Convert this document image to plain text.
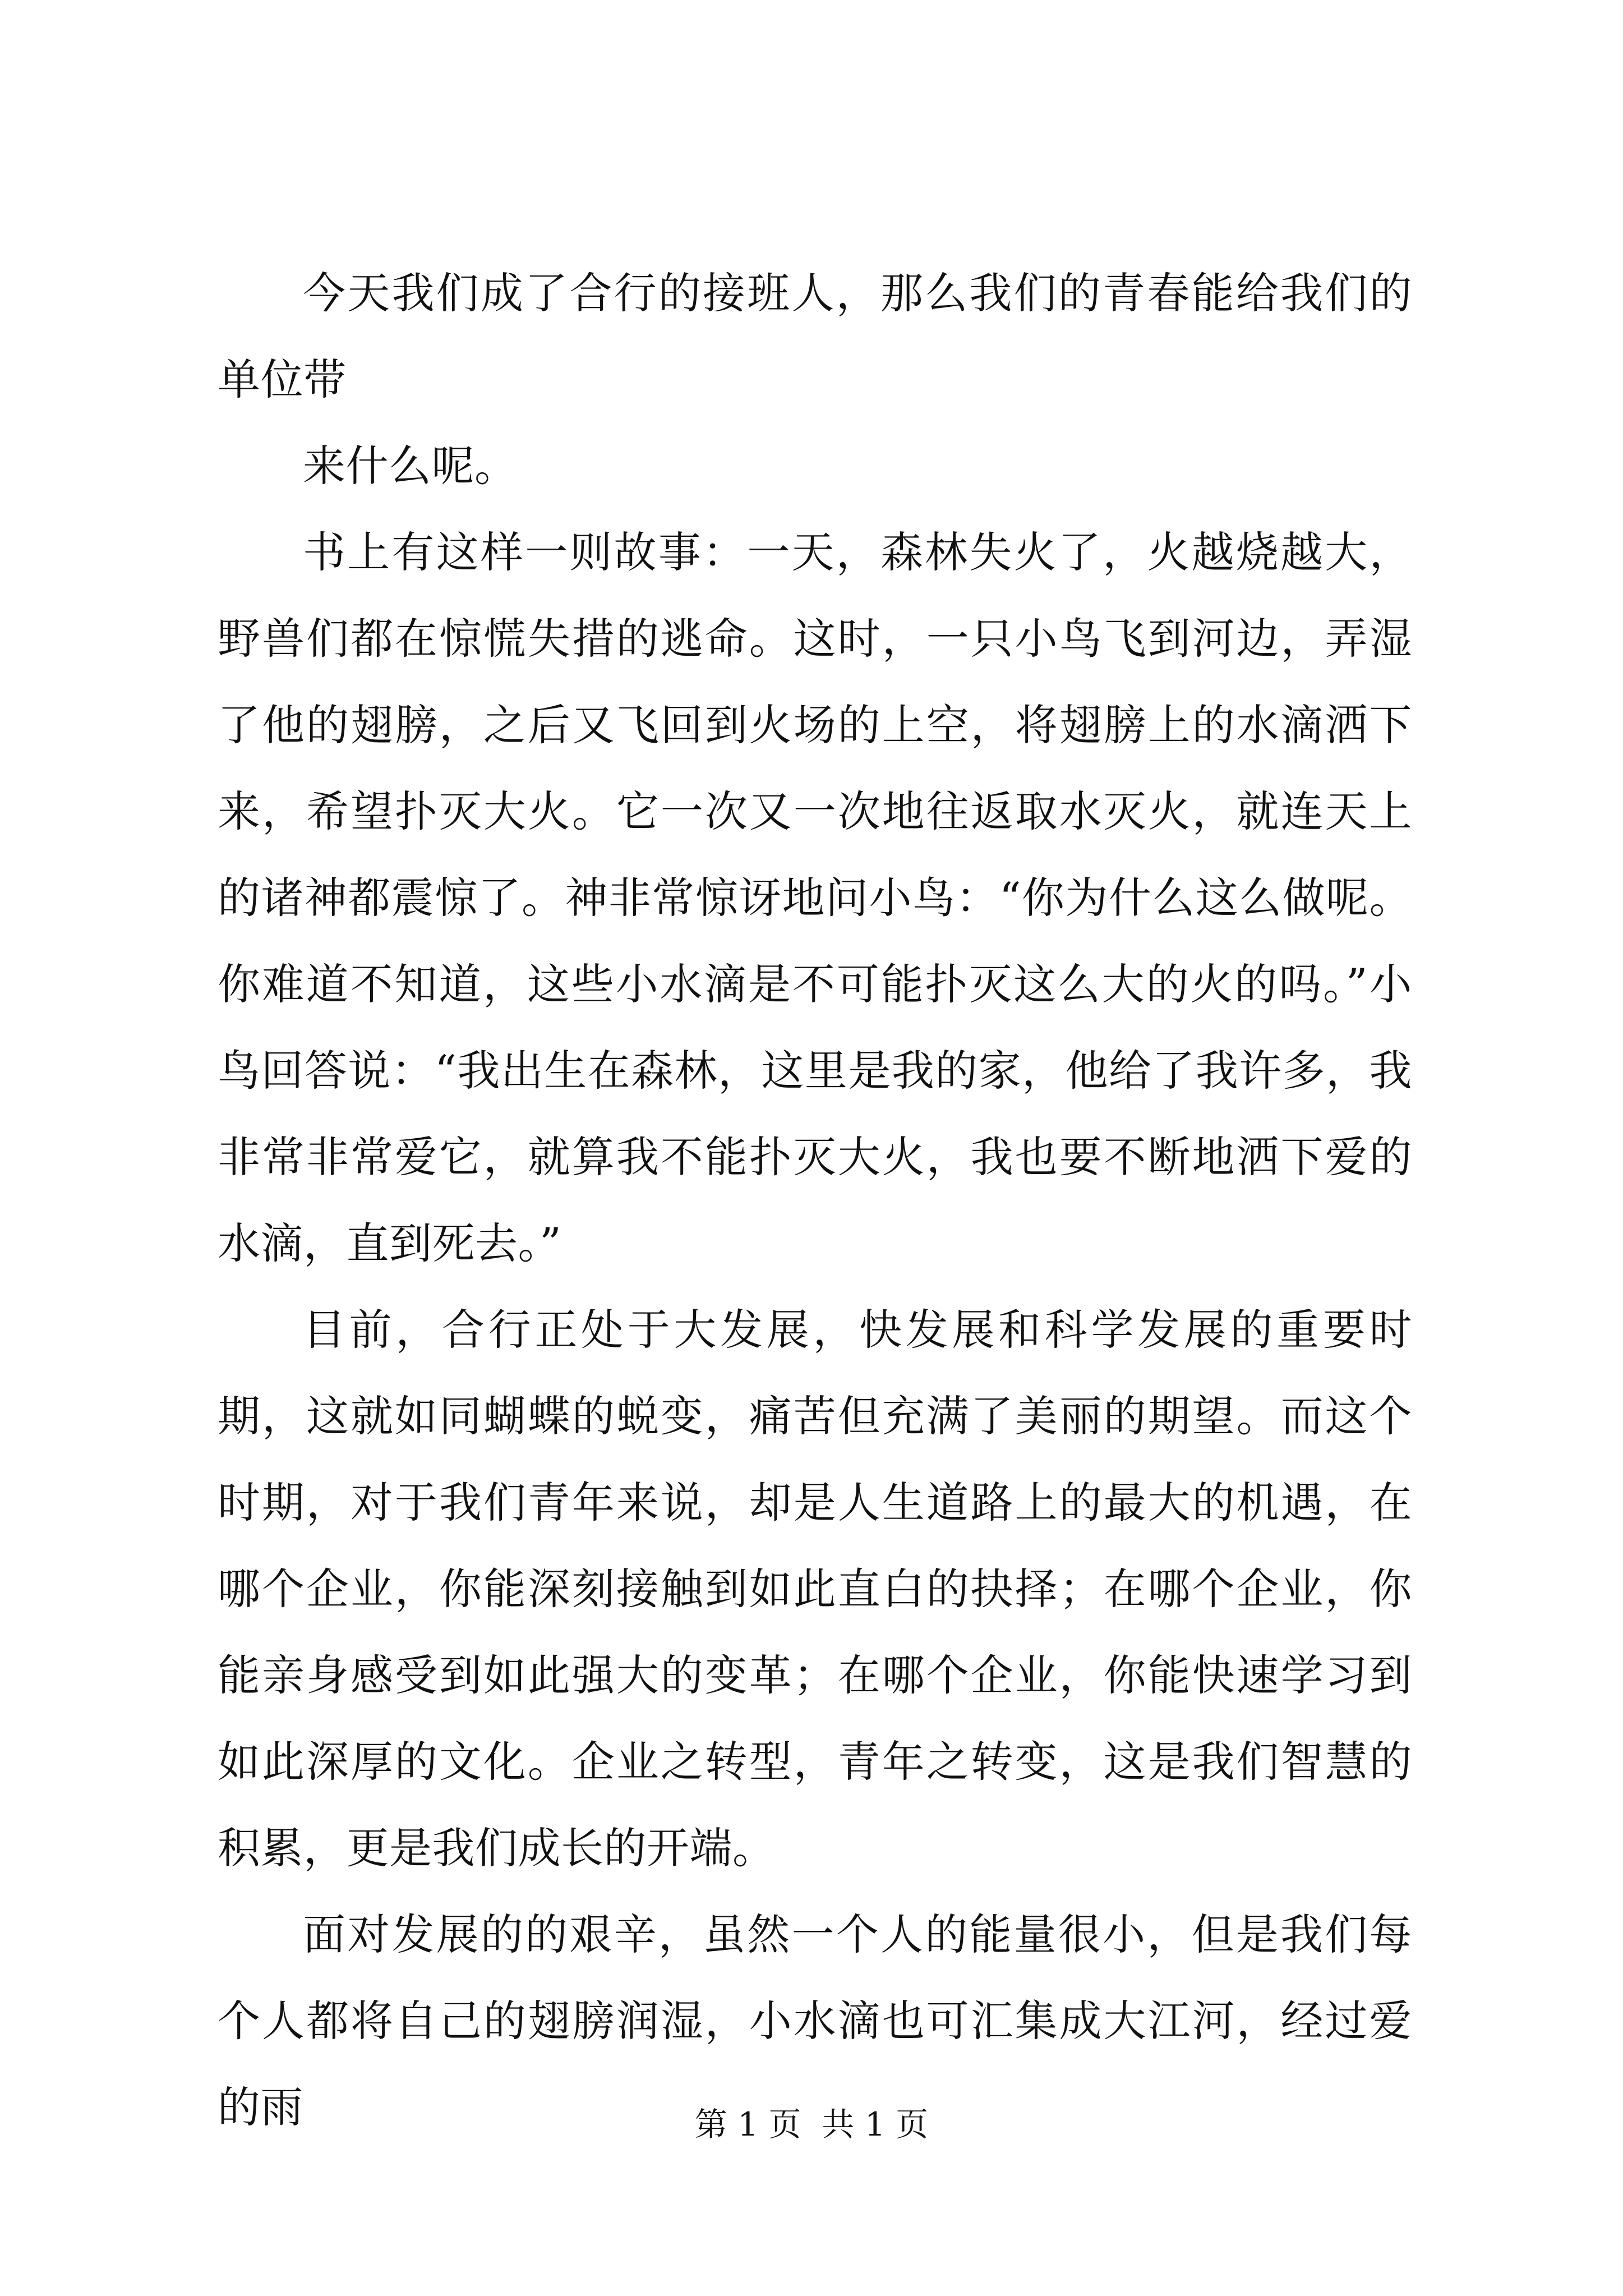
今天我们成了合行的接班人，那么我们的青春能给我们的单位带

来什么呢。

书上有这样一则故事：一天，森林失火了，火越烧越大，野兽们都在惊慌失措的逃命。这时，一只小鸟飞到河边，弄湿了他的翅膀，之后又飞回到火场的上空，将翅膀上的水滴洒下来，希望扑灭大火。它一次又一次地往返取水灭火，就连天上的诸神都震惊了。神非常惊讶地问小鸟：“你为什么这么做呢。你难道不知道，这些小水滴是不可能扑灭这么大的火的吗。”小鸟回答说：“我出生在森林，这里是我的家，他给了我许多，我非常非常爱它，就算我不能扑灭大火，我也要不断地洒下爱的水滴，直到死去。”

目前，合行正处于大发展，快发展和科学发展的重要时期，这就如同蝴蝶的蜕变，痛苦但充满了美丽的期望。而这个时期，对于我们青年来说，却是人生道路上的最大的机遇，在哪个企业，你能深刻接触到如此直白的抉择；在哪个企业，你能亲身感受到如此强大的变革；在哪个企业，你能快速学习到如此深厚的文化。企业之转型，青年之转变，这是我们智慧的积累，更是我们成长的开端。

面对发展的的艰辛，虽然一个人的能量很小，但是我们每个人都将自己的翅膀润湿，小水滴也可汇集成大江河，经过爱的雨	第 1 页  共 1 页
